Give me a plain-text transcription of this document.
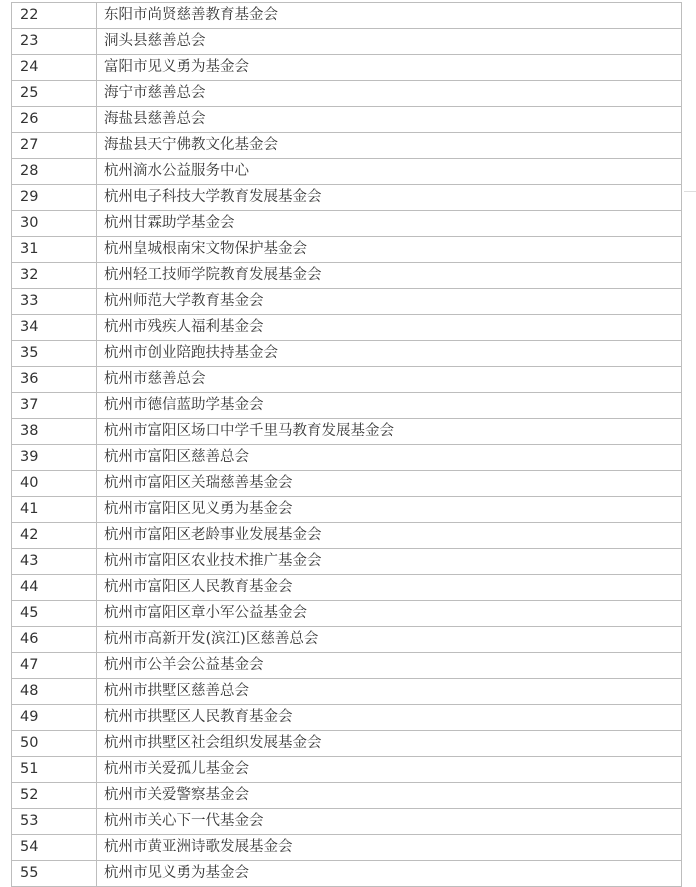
22	东阳市尚贤慈善教育基金会
23	洞头县慈善总会
24	富阳市见义勇为基金会
25	海宁市慈善总会
26	海盐县慈善总会
27	海盐县天宁佛教文化基金会
28	杭州滴水公益服务中心
29	杭州电子科技大学教育发展基金会
30	杭州甘霖助学基金会
31	杭州皇城根南宋文物保护基金会
32	杭州轻工技师学院教育发展基金会
33	杭州师范大学教育基金会
34	杭州市残疾人福利基金会
35	杭州市创业陪跑扶持基金会
36	杭州市慈善总会
37	杭州市德信蓝助学基金会
38	杭州市富阳区场口中学千里马教育发展基金会
39	杭州市富阳区慈善总会
40	杭州市富阳区关瑞慈善基金会
41	杭州市富阳区见义勇为基金会
42	杭州市富阳区老龄事业发展基金会
43	杭州市富阳区农业技术推广基金会
44	杭州市富阳区人民教育基金会
45	杭州市富阳区章小军公益基金会
46	杭州市高新开发(滨江)区慈善总会
47	杭州市公羊会公益基金会
48	杭州市拱墅区慈善总会
49	杭州市拱墅区人民教育基金会
50	杭州市拱墅区社会组织发展基金会
51	杭州市关爱孤儿基金会
52	杭州市关爱警察基金会
53	杭州市关心下一代基金会
54	杭州市黄亚洲诗歌发展基金会
55	杭州市见义勇为基金会
